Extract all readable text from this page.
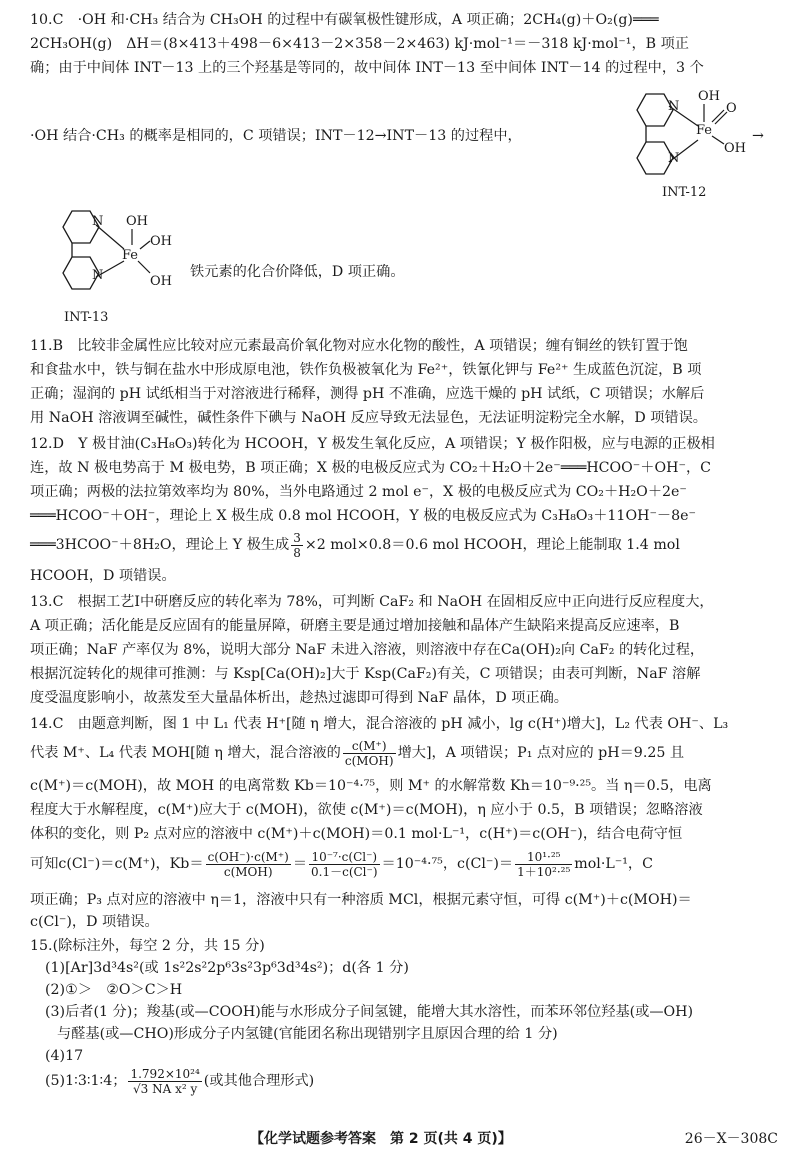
10.C　·OH 和·CH₃ 结合为 CH₃OH 的过程中有碳氧极性键形成，A 项正确；2CH₄(g)＋O₂(g)═══
2CH₃OH(g)　ΔH＝(8×413＋498－6×413－2×358－2×463) kJ·mol⁻¹＝－318 kJ·mol⁻¹，B 项正
确；由于中间体 INT－13 上的三个羟基是等同的，故中间体 INT－13 至中间体 INT－14 的过程中，3 个
·OH 结合·CH₃ 的概率是相同的，C 项错误；INT－12→INT－13 的过程中，
N
N
Fe
OH
O
OH
INT-12
→
N
N
Fe
OH
OH
OH
INT-13
铁元素的化合价降低，D 项正确。
11.B　比较非金属性应比较对应元素最高价氧化物对应水化物的酸性，A 项错误；缠有铜丝的铁钉置于饱
和食盐水中，铁与铜在盐水中形成原电池，铁作负极被氧化为 Fe²⁺，铁氰化钾与 Fe²⁺ 生成蓝色沉淀，B 项
正确；湿润的 pH 试纸相当于对溶液进行稀释，测得 pH 不准确，应选干燥的 pH 试纸，C 项错误；水解后
用 NaOH 溶液调至碱性，碱性条件下碘与 NaOH 反应导致无法显色，无法证明淀粉完全水解，D 项错误。
12.D　Y 极甘油(C₃H₈O₃)转化为 HCOOH，Y 极发生氧化反应，A 项错误；Y 极作阳极，应与电源的正极相
连，故 N 极电势高于 M 极电势，B 项正确；X 极的电极反应式为 CO₂＋H₂O＋2e⁻═══HCOO⁻＋OH⁻，C
项正确；两极的法拉第效率均为 80%，当外电路通过 2 mol e⁻，X 极的电极反应式为 CO₂＋H₂O＋2e⁻
═══HCOO⁻＋OH⁻，理论上 X 极生成 0.8 mol HCOOH，Y 极的电极反应式为 C₃H₈O₃＋11OH⁻－8e⁻
═══3HCOO⁻＋8H₂O，理论上 Y 极生成 $\frac{3}{8} \times 2$ mol×0.8＝0.6 mol HCOOH，理论上能制取 1.4 mol
HCOOH，D 项错误。
13.C　根据工艺Ⅰ中研磨反应的转化率为 78%，可判断 CaF₂ 和 NaOH 在固相反应中正向进行反应程度大，
A 项正确；活化能是反应固有的能量屏障，研磨主要是通过增加接触和晶体产生缺陷来提高反应速率，B
项正确；NaF 产率仅为 8%，说明大部分 NaF 未进入溶液，则溶液中存在Ca(OH)₂向 CaF₂ 的转化过程，
根据沉淀转化的规律可推测：与 Ksp[Ca(OH)₂]大于 Ksp(CaF₂)有关，C 项错误；由表可判断，NaF 溶解
度受温度影响小，故蒸发至大量晶体析出，趁热过滤即可得到 NaF 晶体，D 项正确。
14.C　由题意判断，图 1 中 L₁ 代表 H⁺[随 η 增大，混合溶液的 pH 减小，lg c(H⁺)增大]，L₂ 代表 OH⁻、L₃
代表 M⁺、L₄ 代表 MOH[随 η 增大，混合溶液的 $\frac{c(M^+)}{\text{c(MOH)}}$ 增大]，A 项错误；P₁ 点对应的 pH＝9.25 且
c(M⁺)＝c(MOH)，故 MOH 的电离常数 Kb＝10⁻⁴·⁷⁵，则 M⁺ 的水解常数 Kh＝10⁻⁹·²⁵。当 η＝0.5，电离
程度大于水解程度，c(M⁺)应大于 c(MOH)，欲使 c(M⁺)＝c(MOH)，η 应小于 0.5，B 项错误；忽略溶液
体积的变化，则 P₂ 点对应的溶液中 c(M⁺)＋c(MOH)＝0.1 mol·L⁻¹，c(H⁺)＝c(OH⁻)，结合电荷守恒
可知c(Cl⁻)＝c(M⁺)，$Kb= \frac{c(OH^-)\cdot c(M^+)}{\text{c(MOH)}} = \frac{\text{10⁻⁷·c(Cl⁻)}}{0.1-c(Cl^-)} =10^{-4}\cdot^{75}$，$c(Cl^-)= \frac{\text{10¹·²⁵}}{\text{1＋10²·²⁵}} mol\cdot L^{-1}$，C
项正确；P₃ 点对应的溶液中 η＝1，溶液中只有一种溶质 MCl，根据元素守恒，可得 c(M⁺)＋c(MOH)＝
c(Cl⁻)，D 项错误。
15.(除标注外，每空 2 分，共 15 分)
(1)[Ar]3d³4s²(或 1s²2s²2p⁶3s²3p⁶3d³4s²)；d(各 1 分)
(2)①＞　②O＞C＞H
(3)后者(1 分)；羧基(或—COOH)能与水形成分子间氢键，能增大其水溶性，而苯环邻位羟基(或—OH)
与醛基(或—CHO)形成分子内氢键(官能团名称出现错别字且原因合理的给 1 分)
(4)17
(5)1∶3∶1∶4； $\frac{\text{1.792×10²⁴}}{\text{√3 NA x² y}}$ (或其他合理形式)
【化学试题参考答案　第 2 页(共 4 页)】	26－X－308C
